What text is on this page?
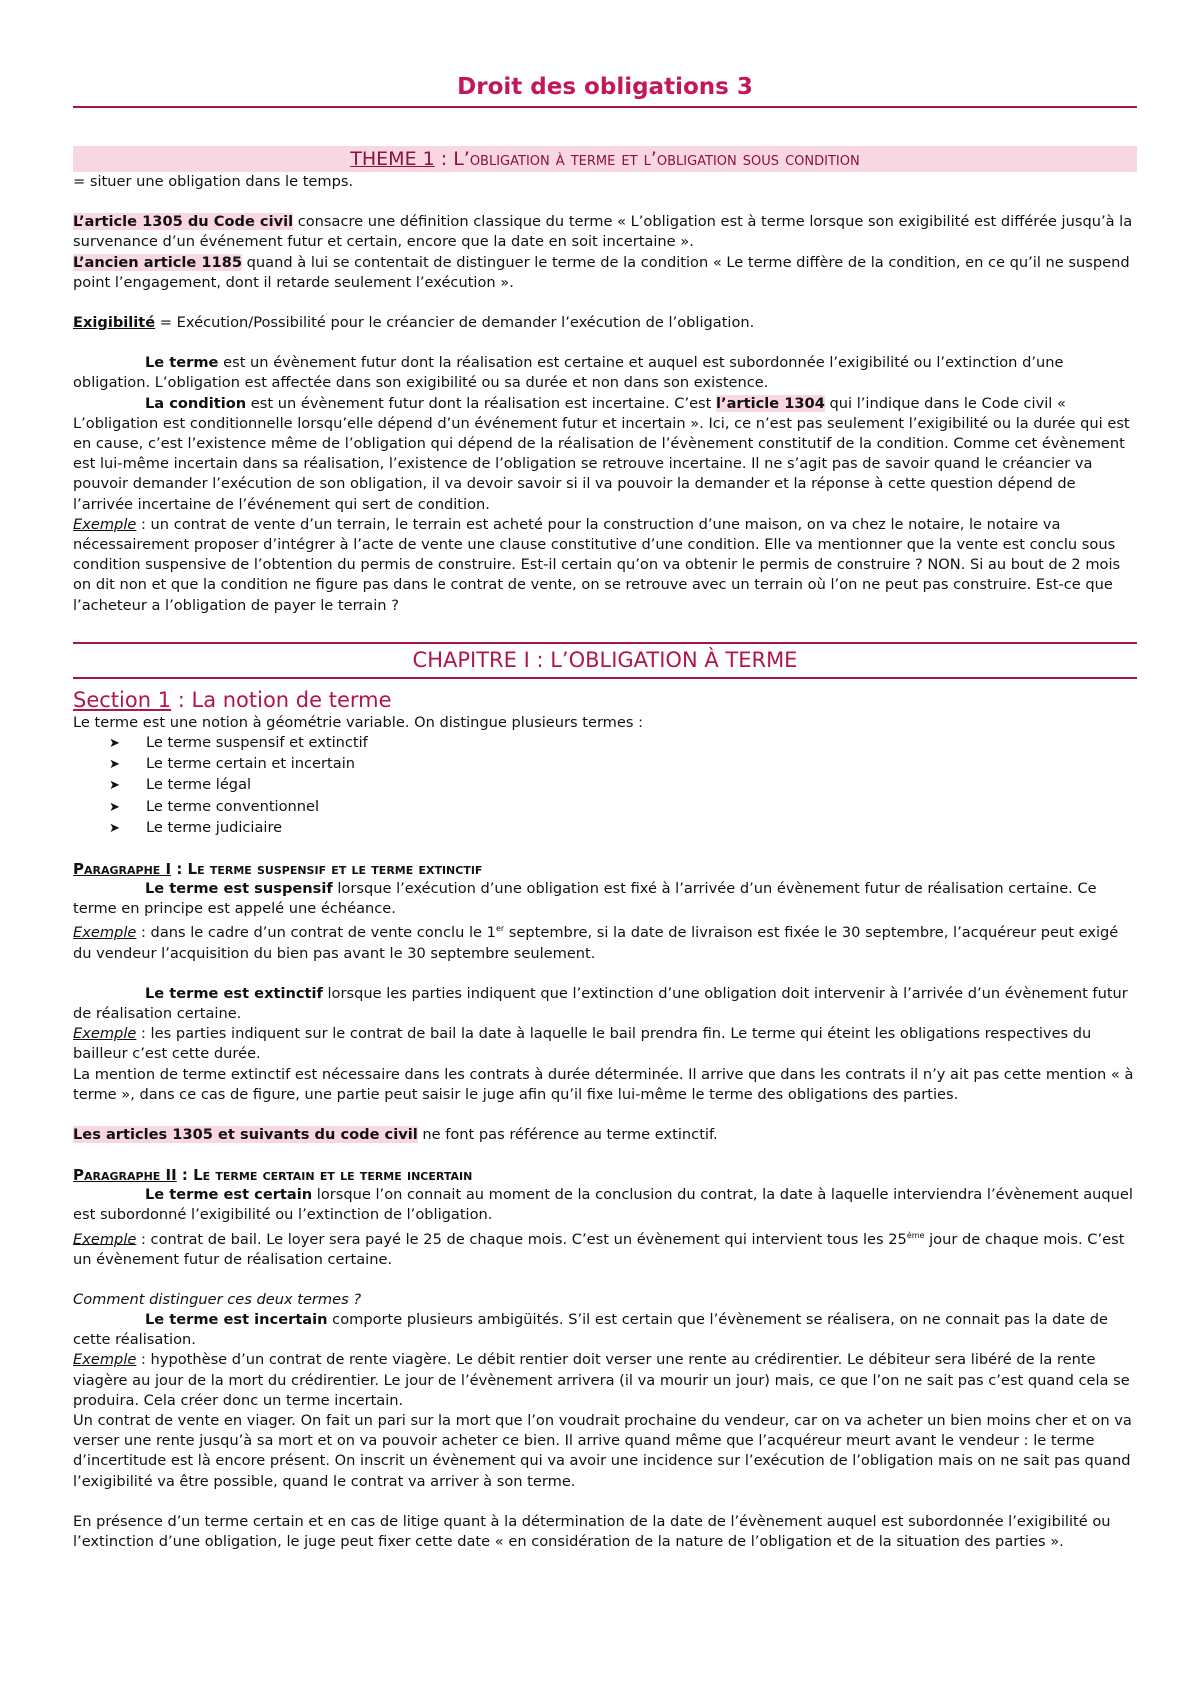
Droit des obligations 3
THEME 1 : L’obligation à terme et l’obligation sous condition

= situer une obligation dans le temps.

L’article 1305 du Code civil consacre une définition classique du terme « L’obligation est à terme lorsque son exigibilité est différée jusqu’à la survenance d’un événement futur et certain, encore que la date en soit incertaine ».

L’ancien article 1185 quand à lui se contentait de distinguer le terme de la condition « Le terme diffère de la condition, en ce qu’il ne suspend point l’engagement, dont il retarde seulement l’exécution ».

Exigibilité = Exécution/Possibilité pour le créancier de demander l’exécution de l’obligation.

Le terme est un évènement futur dont la réalisation est certaine et auquel est subordonnée l’exigibilité ou l’extinction d’une obligation. L’obligation est affectée dans son exigibilité ou sa durée et non dans son existence.

La condition est un évènement futur dont la réalisation est incertaine. C’est l’article 1304 qui l’indique dans le Code civil « L’obligation est conditionnelle lorsqu’elle dépend d’un événement futur et incertain ». Ici, ce n’est pas seulement l’exigibilité ou la durée qui est en cause, c’est l’existence même de l’obligation qui dépend de la réalisation de l’évènement constitutif de la condition. Comme cet évènement est lui-même incertain dans sa réalisation, l’existence de l’obligation se retrouve incertaine. Il ne s’agit pas de savoir quand le créancier va pouvoir demander l’exécution de son obligation, il va devoir savoir si il va pouvoir la demander et la réponse à cette question dépend de l’arrivée incertaine de l’événement qui sert de condition.

Exemple : un contrat de vente d’un terrain, le terrain est acheté pour la construction d’une maison, on va chez le notaire, le notaire va nécessairement proposer d’intégrer à l’acte de vente une clause constitutive d’une condition. Elle va mentionner que la vente est conclu sous condition suspensive de l’obtention du permis de construire. Est-il certain qu’on va obtenir le permis de construire ? NON. Si au bout de 2 mois on dit non et que la condition ne figure pas dans le contrat de vente, on se retrouve avec un terrain où l’on ne peut pas construire. Est-ce que l’acheteur a l’obligation de payer le terrain ?

CHAPITRE I : L’OBLIGATION À TERME
Section 1 : La notion de terme

Le terme est une notion à géométrie variable. On distingue plusieurs termes :

➤ Le terme suspensif et extinctif
➤ Le terme certain et incertain
➤ Le terme légal
➤ Le terme conventionnel
➤ Le terme judiciaire
Paragraphe I : Le terme suspensif et le terme extinctif

Le terme est suspensif lorsque l’exécution d’une obligation est fixé à l’arrivée d’un évènement futur de réalisation certaine. Ce terme en principe est appelé une échéance.

Exemple : dans le cadre d’un contrat de vente conclu le 1er septembre, si la date de livraison est fixée le 30 septembre, l’acquéreur peut exigé du vendeur l’acquisition du bien pas avant le 30 septembre seulement.

Le terme est extinctif lorsque les parties indiquent que l’extinction d’une obligation doit intervenir à l’arrivée d’un évènement futur de réalisation certaine.

Exemple : les parties indiquent sur le contrat de bail la date à laquelle le bail prendra fin. Le terme qui éteint les obligations respectives du bailleur c’est cette durée.

La mention de terme extinctif est nécessaire dans les contrats à durée déterminée. Il arrive que dans les contrats il n’y ait pas cette mention « à terme », dans ce cas de figure, une partie peut saisir le juge afin qu’il fixe lui-même le terme des obligations des parties.

Les articles 1305 et suivants du code civil ne font pas référence au terme extinctif.

Paragraphe II : Le terme certain et le terme incertain

Le terme est certain lorsque l’on connait au moment de la conclusion du contrat, la date à laquelle interviendra l’évènement auquel est subordonné l’exigibilité ou l’extinction de l’obligation.

Exemple : contrat de bail. Le loyer sera payé le 25 de chaque mois. C’est un évènement qui intervient tous les 25ème jour de chaque mois. C’est un évènement futur de réalisation certaine.

Comment distinguer ces deux termes ?

Le terme est incertain comporte plusieurs ambigüités. S’il est certain que l’évènement se réalisera, on ne connait pas la date de cette réalisation.

Exemple : hypothèse d’un contrat de rente viagère. Le débit rentier doit verser une rente au crédirentier. Le débiteur sera libéré de la rente viagère au jour de la mort du crédirentier. Le jour de l’évènement arrivera (il va mourir un jour) mais, ce que l’on ne sait pas c’est quand cela se produira. Cela créer donc un terme incertain.

Un contrat de vente en viager. On fait un pari sur la mort que l’on voudrait prochaine du vendeur, car on va acheter un bien moins cher et on va verser une rente jusqu’à sa mort et on va pouvoir acheter ce bien. Il arrive quand même que l’acquéreur meurt avant le vendeur : le terme d’incertitude est là encore présent. On inscrit un évènement qui va avoir une incidence sur l’exécution de l’obligation mais on ne sait pas quand l’exigibilité va être possible, quand le contrat va arriver à son terme.

En présence d’un terme certain et en cas de litige quant à la détermination de la date de l’évènement auquel est subordonnée l’exigibilité ou l’extinction d’une obligation, le juge peut fixer cette date « en considération de la nature de l’obligation et de la situation des parties ».
